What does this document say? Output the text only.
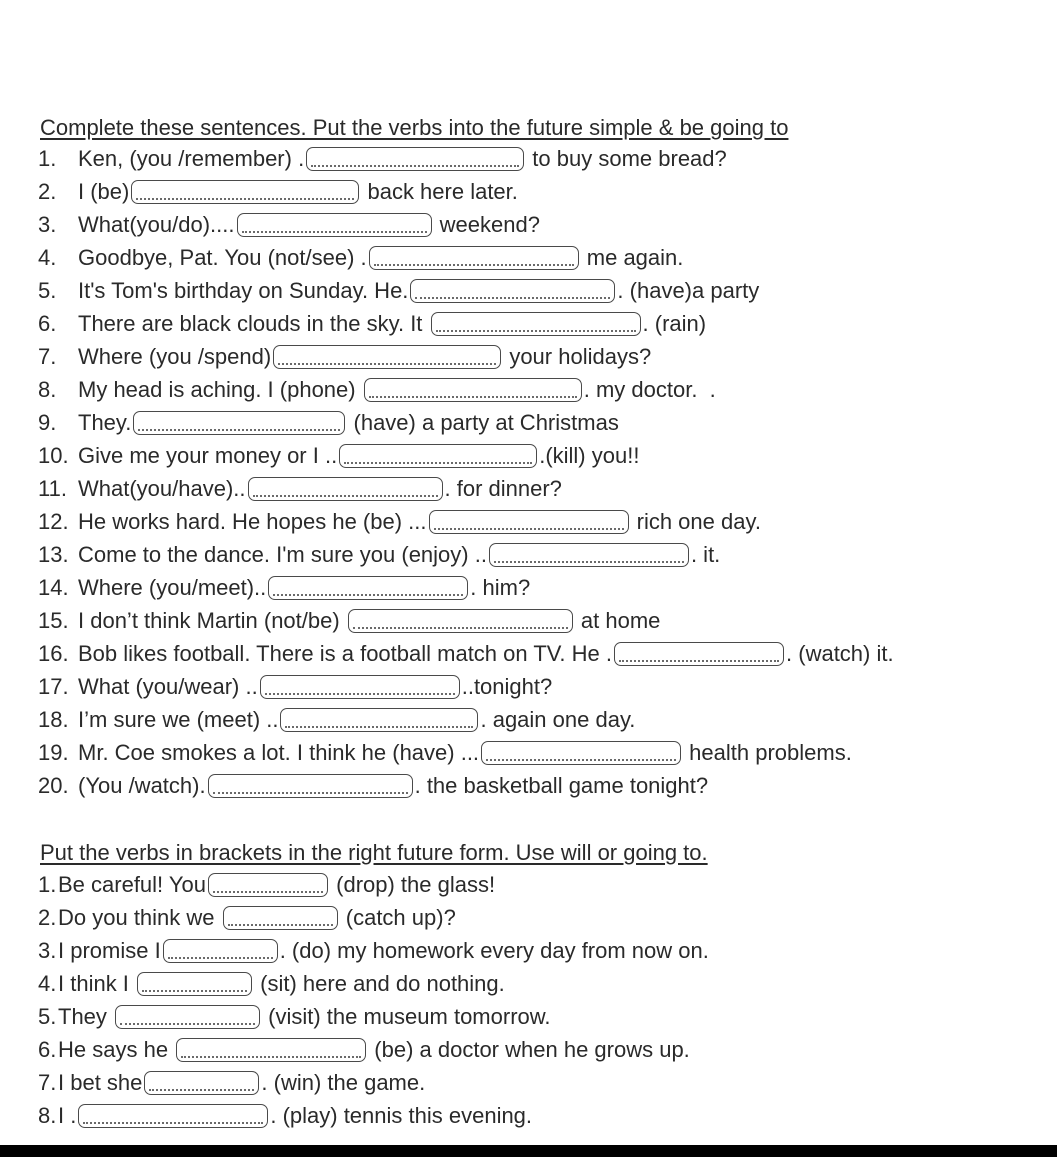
Complete these sentences. Put the verbs into the future simple & be going to
1. Ken, (you /remember) .	to buy some bread?
2. I (be)	back here later.
3. What(you/do)....	weekend?
4. Goodbye, Pat. You (not/see) .	me again.
5. It's Tom's birthday on Sunday. He.	. (have)a party
6. There are black clouds in the sky. It	. (rain)
7. Where (you /spend)	your holidays?
8. My head is aching. I (phone)	. my doctor.  .
9. They.	(have) a party at Christmas
10. Give me your money or I ..	.(kill) you!!
11. What(you/have)..	. for dinner?
12. He works hard. He hopes he (be) ...	rich one day.
13. Come to the dance. I'm sure you (enjoy) ..	. it.
14. Where (you/meet)..	. him?
15. I don’t think Martin (not/be)	at home
16. Bob likes football. There is a football match on TV. He .	. (watch) it.
17. What (you/wear) ..	..tonight?
18. I’m sure we (meet) ..	. again one day.
19. Mr. Coe smokes a lot. I think he (have) ...	health problems.
20. (You /watch).	. the basketball game tonight?
Put the verbs in brackets in the right future form. Use will or going to.
1. Be careful! You	(drop) the glass!
2. Do you think we	(catch up)?
3. I promise I	. (do) my homework every day from now on.
4. I think I	(sit) here and do nothing.
5. They	(visit) the museum tomorrow.
6. He says he	(be) a doctor when he grows up.
7. I bet she	. (win) the game.
8. I .	. (play) tennis this evening.
